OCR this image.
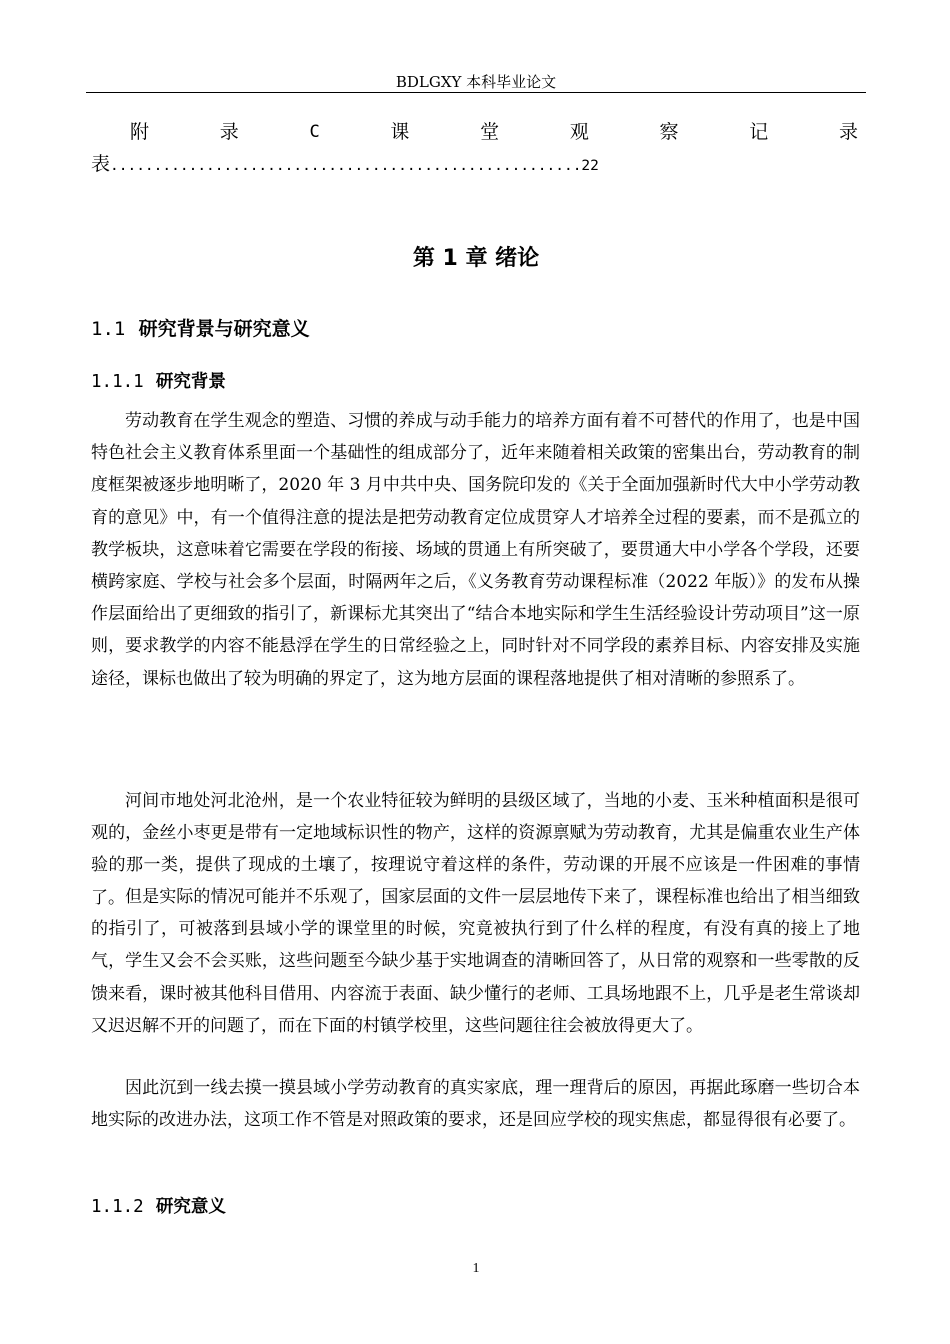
BDLGXY 本科毕业论文
附	录	C	课	堂	观	察	记	录
表......................................................22
第 1 章 绪论
1.1 研究背景与研究意义
1.1.1 研究背景

劳动教育在学生观念的塑造、习惯的养成与动手能力的培养方面有着不可替代的作用了，也是中国特色社会主义教育体系里面一个基础性的组成部分了，近年来随着相关政策的密集出台，劳动教育的制度框架被逐步地明晰了，2020 年 3 月中共中央、国务院印发的《关于全面加强新时代大中小学劳动教育的意见》中，有一个值得注意的提法是把劳动教育定位成贯穿人才培养全过程的要素，而不是孤立的教学板块，这意味着它需要在学段的衔接、场域的贯通上有所突破了，要贯通大中小学各个学段，还要横跨家庭、学校与社会多个层面，时隔两年之后，《义务教育劳动课程标准（2022 年版）》的发布从操作层面给出了更细致的指引了，新课标尤其突出了“结合本地实际和学生生活经验设计劳动项目”这一原则，要求教学的内容不能悬浮在学生的日常经验之上，同时针对不同学段的素养目标、内容安排及实施途径，课标也做出了较为明确的界定了，这为地方层面的课程落地提供了相对清晰的参照系了。

河间市地处河北沧州，是一个农业特征较为鲜明的县级区域了，当地的小麦、玉米种植面积是很可观的，金丝小枣更是带有一定地域标识性的物产，这样的资源禀赋为劳动教育，尤其是偏重农业生产体验的那一类，提供了现成的土壤了，按理说守着这样的条件，劳动课的开展不应该是一件困难的事情了。 但是实际的情况可能并不乐观了，国家层面的文件一层层地传下来了，课程标准也给出了相当细致的指引了，可被落到县域小学的课堂里的时候，究竟被执行到了什么样的程度，有没有真的接上了地气，学生又会不会买账，这些问题至今缺少基于实地调查的清晰回答了，从日常的观察和一些零散的反馈来看，课时被其他科目借用、内容流于表面、缺少懂行的老师、工具场地跟不上，几乎是老生常谈却又迟迟解不开的问题了，而在下面的村镇学校里，这些问题往往会被放得更大了。

因此沉到一线去摸一摸县域小学劳动教育的真实家底，理一理背后的原因，再据此琢磨一些切合本地实际的改进办法，这项工作不管是对照政策的要求，还是回应学校的现实焦虑，都显得很有必要了。

1.1.2 研究意义
1
